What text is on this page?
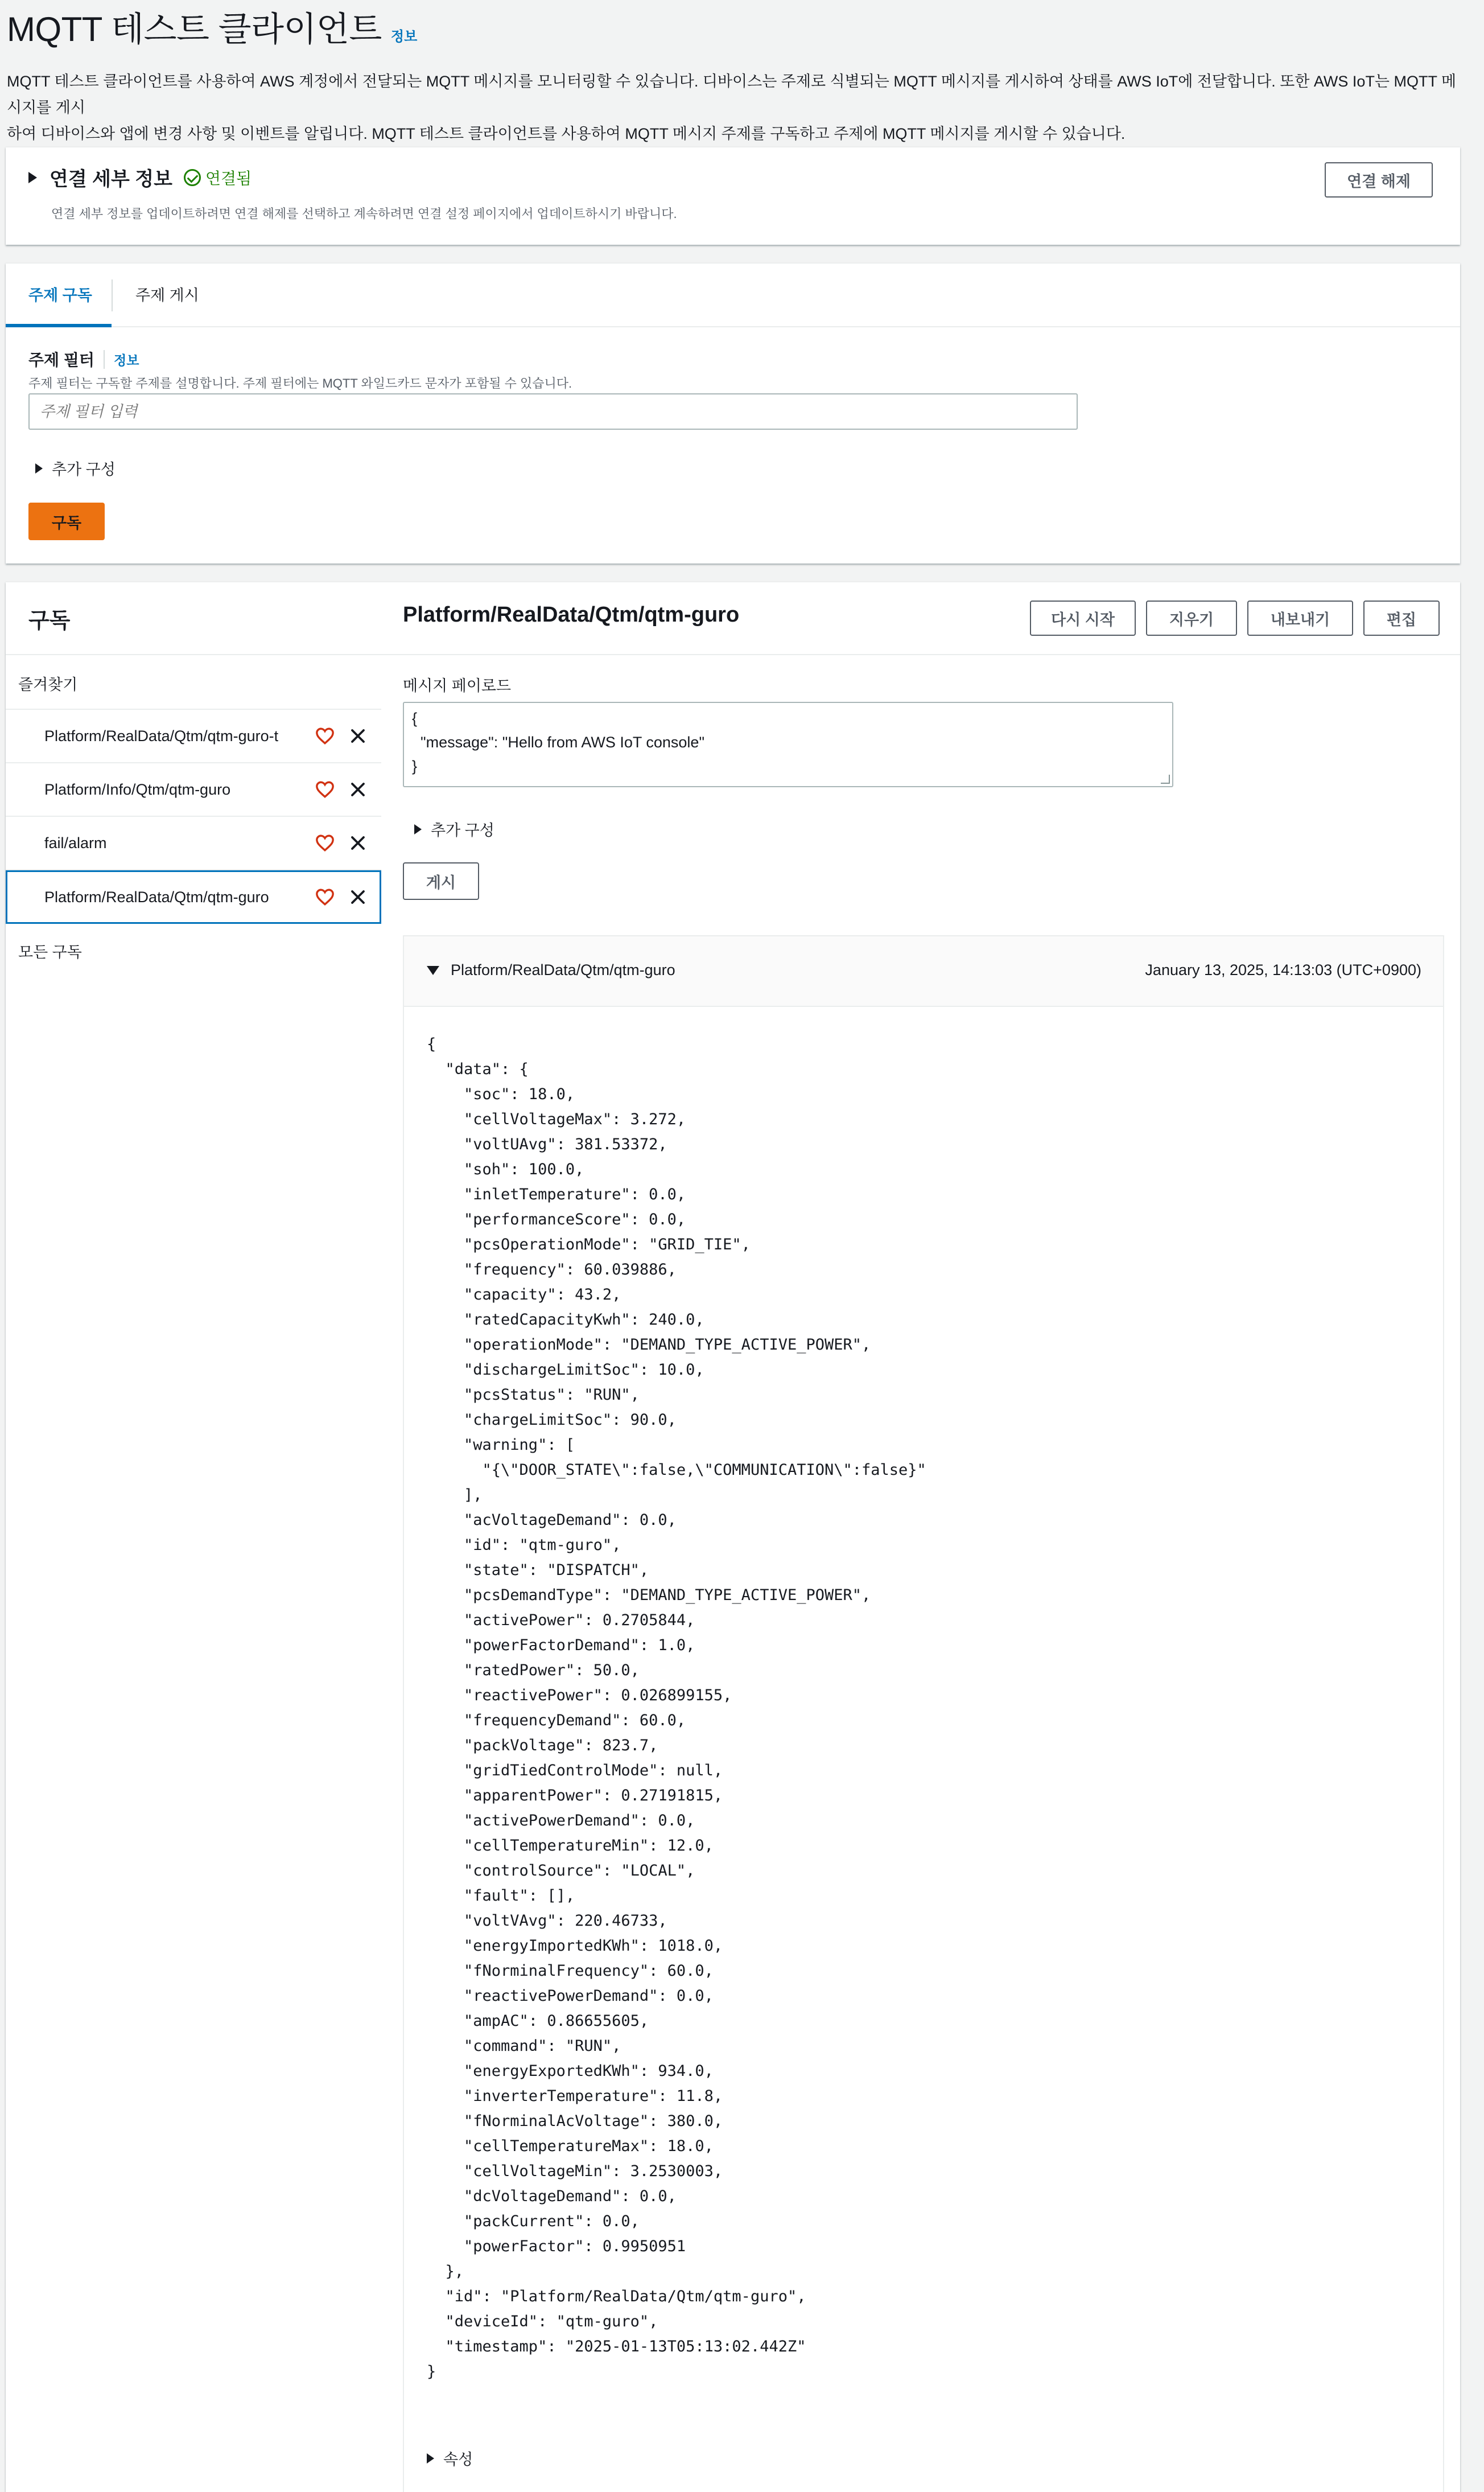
MQTT 테스트 클라이언트 정보
MQTT 테스트 클라이언트를 사용하여 AWS 계정에서 전달되는 MQTT 메시지를 모니터링할 수 있습니다. 디바이스는 주제로 식별되는 MQTT 메시지를 게시하여 상태를 AWS IoT에 전달합니다. 또한 AWS IoT는 MQTT 메시지를 게시
하여 디바이스와 앱에 변경 사항 및 이벤트를 알립니다. MQTT 테스트 클라이언트를 사용하여 MQTT 메시지 주제를 구독하고 주제에 MQTT 메시지를 게시할 수 있습니다.
연결 세부 정보 연결됨
연결 세부 정보를 업데이트하려면 연결 해제를 선택하고 계속하려면 연결 설정 페이지에서 업데이트하시기 바랍니다.
연결 해제
주제 구독	주제 게시
주제 필터	정보
주제 필터는 구독할 주제를 설명합니다. 주제 필터에는 MQTT 와일드카드 문자가 포함될 수 있습니다.
주제 필터 입력
추가 구성
구독
구독
즐겨찾기
Platform/RealData/Qtm/qtm-guro-t
Platform/Info/Qtm/qtm-guro
fail/alarm
Platform/RealData/Qtm/qtm-guro
모든 구독
Platform/RealData/Qtm/qtm-guro	다시 시작	지우기	내보내기	편집
메시지 페이로드
{
"message": "Hello from AWS IoT console"
}
추가 구성
게시
Platform/RealData/Qtm/qtm-guro	January 13, 2025, 14:13:03 (UTC+0900)
{
"data": {
"soc": 18.0,
"cellVoltageMax": 3.272,
"voltUAvg": 381.53372,
"soh": 100.0,
"inletTemperature": 0.0,
"performanceScore": 0.0,
"pcsOperationMode": "GRID_TIE",
"frequency": 60.039886,
"capacity": 43.2,
"ratedCapacityKwh": 240.0,
"operationMode": "DEMAND_TYPE_ACTIVE_POWER",
"dischargeLimitSoc": 10.0,
"pcsStatus": "RUN",
"chargeLimitSoc": 90.0,
"warning": [
"{\"DOOR_STATE\":false,\"COMMUNICATION\":false}"
],
"acVoltageDemand": 0.0,
"id": "qtm-guro",
"state": "DISPATCH",
"pcsDemandType": "DEMAND_TYPE_ACTIVE_POWER",
"activePower": 0.2705844,
"powerFactorDemand": 1.0,
"ratedPower": 50.0,
"reactivePower": 0.026899155,
"frequencyDemand": 60.0,
"packVoltage": 823.7,
"gridTiedControlMode": null,
"apparentPower": 0.27191815,
"activePowerDemand": 0.0,
"cellTemperatureMin": 12.0,
"controlSource": "LOCAL",
"fault": [],
"voltVAvg": 220.46733,
"energyImportedKWh": 1018.0,
"fNorminalFrequency": 60.0,
"reactivePowerDemand": 0.0,
"ampAC": 0.86655605,
"command": "RUN",
"energyExportedKWh": 934.0,
"inverterTemperature": 11.8,
"fNorminalAcVoltage": 380.0,
"cellTemperatureMax": 18.0,
"cellVoltageMin": 3.2530003,
"dcVoltageDemand": 0.0,
"packCurrent": 0.0,
"powerFactor": 0.9950951
},
"id": "Platform/RealData/Qtm/qtm-guro",
"deviceId": "qtm-guro",
"timestamp": "2025-01-13T05:13:02.442Z"
}
속성
